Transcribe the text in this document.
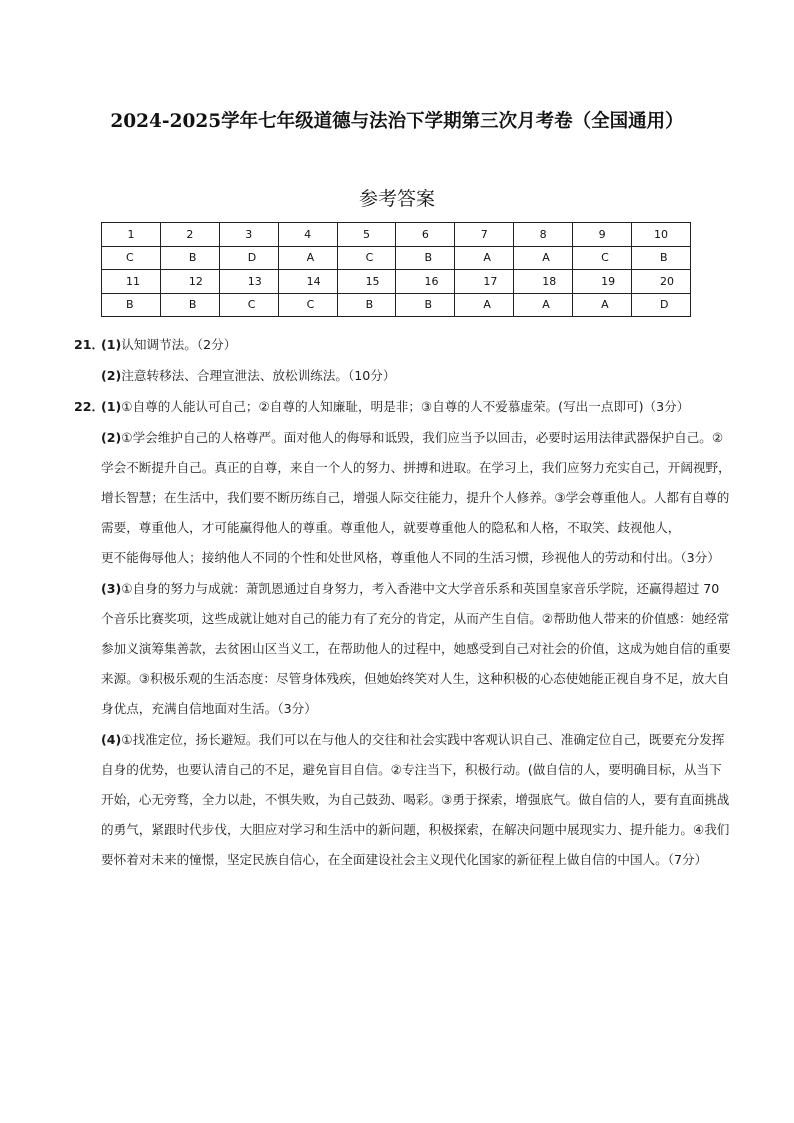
2024-2025学年七年级道德与法治下学期第三次月考卷（全国通用）
参考答案
1	2	3	4	5	6	7	8	9	10
C	B	D	A	C	B	A	A	C	B
11	12	13	14	15	16	17	18	19	20
B	B	C	C	B	B	A	A	A	D
21．
(1)认知调节法。（2分）
(2)注意转移法、合理宣泄法、放松训练法。（10分）
22．
(1)①自尊的人能认可自己；②自尊的人知廉耻，明是非；③自尊的人不爱慕虚荣。(写出一点即可)（3分）
(2)①学会维护自己的人格尊严。面对他人的侮辱和诋毁，我们应当予以回击，必要时运用法律武器保护自己。②学会不断提升自己。真正的自尊，来自一个人的努力、拼搏和进取。在学习上，我们应努力充实自己，开阔视野，增长智慧；在生活中，我们要不断历练自己，增强人际交往能力，提升个人修养。③学会尊重他人。人都有自尊的需要，尊重他人，才可能赢得他人的尊重。尊重他人，就要尊重他人的隐私和人格，不取笑、歧视他人，
更不能侮辱他人；接纳他人不同的个性和处世风格，尊重他人不同的生活习惯，珍视他人的劳动和付出。（3分）
(3)①自身的努力与成就：萧凯恩通过自身努力，考入香港中文大学音乐系和英国皇家音乐学院，还赢得超过 70 个音乐比赛奖项，这些成就让她对自己的能力有了充分的肯定，从而产生自信。②帮助他人带来的价值感：她经常参加义演筹集善款，去贫困山区当义工，在帮助他人的过程中，她感受到自己对社会的价值，这成为她自信的重要来源。③积极乐观的生活态度：尽管身体残疾，但她始终笑对人生，这种积极的心态使她能正视自身不足，放大自身优点，充满自信地面对生活。（3分）
(4)①找准定位，扬长避短。我们可以在与他人的交往和社会实践中客观认识自己、准确定位自己，既要充分发挥自身的优势，也要认清自己的不足，避免盲目自信。②专注当下，积极行动。(做自信的人，要明确目标，从当下开始，心无旁骛，全力以赴，不惧失败，为自己鼓劲、喝彩。③勇于探索，增强底气。做自信的人，要有直面挑战的勇气，紧跟时代步伐，大胆应对学习和生活中的新问题，积极探索，在解决问题中展现实力、提升能力。④我们要怀着对未来的憧憬，坚定民族自信心，在全面建设社会主义现代化国家的新征程上做自信的中国人。（7分）
